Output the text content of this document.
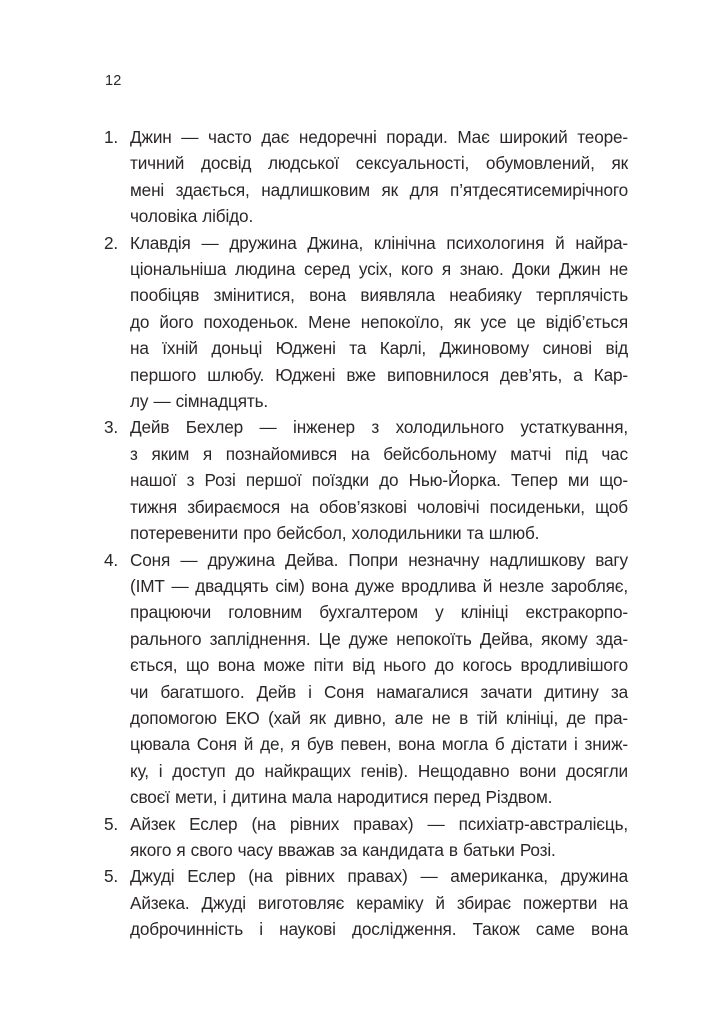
12
1. Джин — часто дає недоречні поради. Має широкий теоре-
тичний досвід людської сексуальності, обумовлений, як
мені здається, надлишковим як для п’ятдесятисемирічного
чоловіка лібідо.
2. Клавдія — дружина Джина, клінічна психологиня й найра-
ціональніша людина серед усіх, кого я знаю. Доки Джин не
пообіцяв змінитися, вона виявляла неабияку терплячість
до його походеньок. Мене непокоїло, як усе це відіб’ється
на їхній доньці Юджені та Карлі, Джиновому синові від
першого шлюбу. Юджені вже виповнилося дев’ять, а Кар-
лу — сімнадцять.
3. Дейв Бехлер — інженер з холодильного устаткування,
з яким я познайомився на бейсбольному матчі під час
нашої з Розі першої поїздки до Нью-Йорка. Тепер ми що-
тижня збираємося на обов’язкові чоловічі посиденьки, щоб
потеревенити про бейсбол, холодильники та шлюб.
4. Соня — дружина Дейва. Попри незначну надлишкову вагу
(ІМТ — двадцять сім) вона дуже вродлива й незле заробляє,
працюючи головним бухгалтером у клініці екстракорпо-
рального запліднення. Це дуже непокоїть Дейва, якому зда-
ється, що вона може піти від нього до когось вродливішого
чи багатшого. Дейв і Соня намагалися зачати дитину за
допомогою ЕКО (хай як дивно, але не в тій клініці, де пра-
цювала Соня й де, я був певен, вона могла б дістати і зниж-
ку, і доступ до найкращих генів). Нещодавно вони досягли
своєї мети, і дитина мала народитися перед Різдвом.
5. Айзек Еслер (на рівних правах) — психіатр-австралієць,
якого я свого часу вважав за кандидата в батьки Розі.
5. Джуді Еслер (на рівних правах) — американка, дружина
Айзека. Джуді виготовляє кераміку й збирає пожертви на
доброчинність і наукові дослідження. Також саме вона
